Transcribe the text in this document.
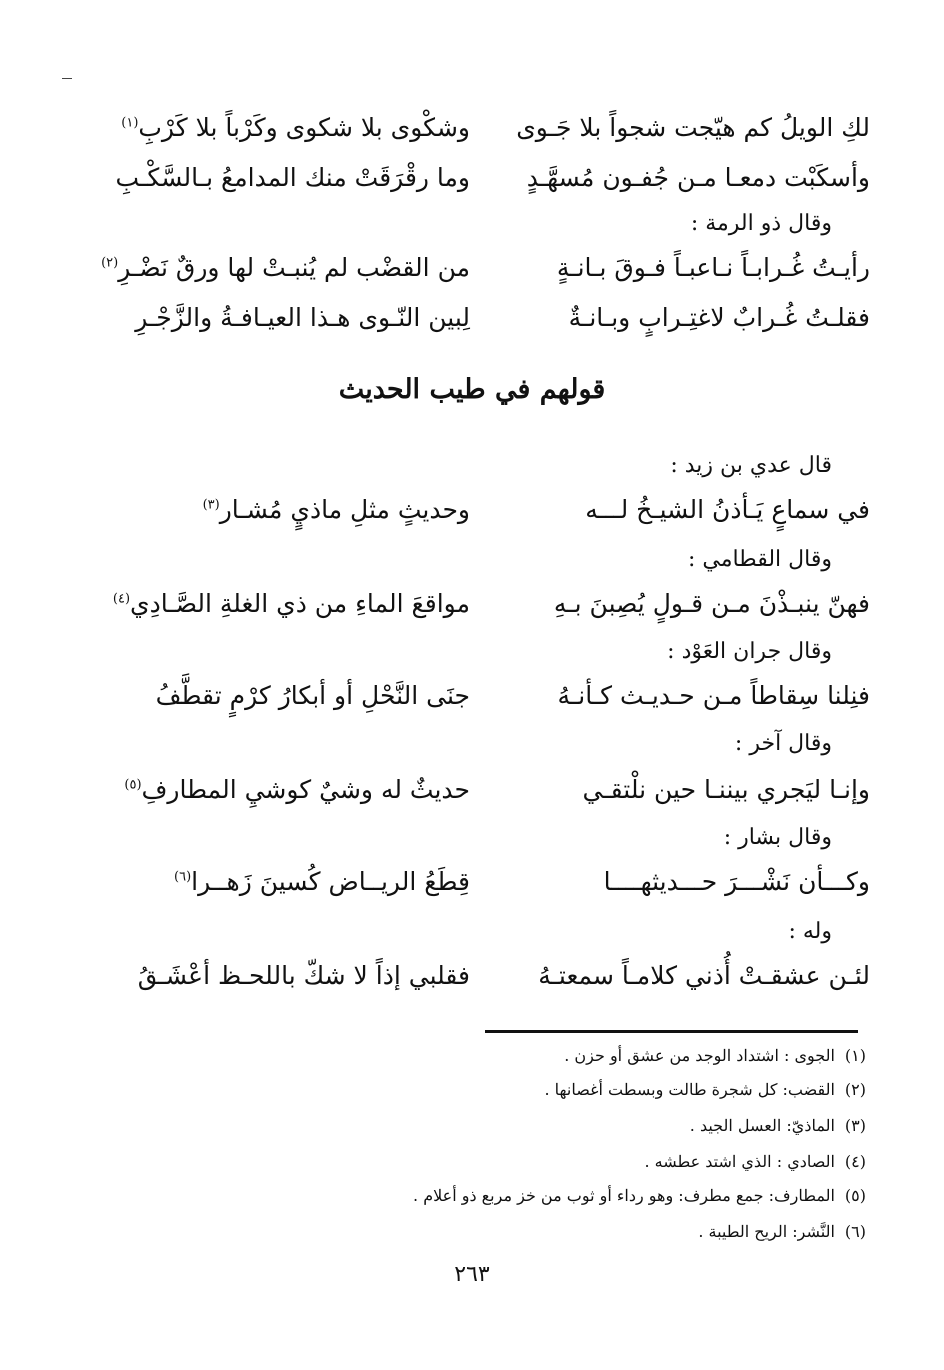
لكِ الويلُ كم هيّجت شجواً بلا جَـوى
وشكْوى بلا شكوى وكَرْباً بلا كَرْبِ$^{(١)}$
وأسكَبْت دمعـا مـن جُفـون مُسهَّـدٍ
وما رقْرَقَتْ منك المدامعُ بـالسَّكْـبِ
وقال ذو الرمة :
رأيـتُ غُـرابـاً نـاعبـاً فـوقَ بـانـةٍ
من القضْب لم يُنبـتْ لها ورقٌ نَضْـرِ$^{(٢)}$
فقلـتُ غُـرابٌ لاغتِـرابٍ وبـانـةٌ
لِبين النّـوى هـذا العيـافـةُ والزَّجْـرِ
قولهم في طيب الحديث
قال عدي بن زيد :
في سماعٍ يَـأذنُ الشيـخُ لـــه
وحديثٍ مثلِ ماذيٍ مُشـار$^{(٣)}$
وقال القطامي :
فهنّ ينبـذْنَ مـن قـولٍ يُصِبنَ بـهِ
مواقعَ الماءِ من ذي الغلةِ الصَّـادِي$^{(٤)}$
وقال جران العَوْد :
فنِلنا سِقاطاً مـن حـديـث كـأنـهُ
جنَى النَّحْلِ أو أبكارُ كرْمٍ تقطَّفُ
وقال آخر :
وإنـا ليَجري بيننـا حين نلْتقـي
حديثٌ له وشيٌ كوشيِ المطارفِ$^{(٥)}$
وقال بشار :
وكـــأن نَشْـــرَ حـــديثهــــا
قِطَعُ الريــاض كُسينَ زَهــرا$^{(٦)}$
وله :
لئـن عشقـتْ أُذني كلامـاً سمعتـهُ
فقلبي إذاً لا شكّ باللحـظ أعْشَـقُ
(١)الجوى : اشتداد الوجد من عشق أو حزن .
(٢)القضب: كل شجرة طالت وبسطت أغصانها .
(٣)الماذيّ: العسل الجيد .
(٤)الصادي : الذي اشتد عطشه .
(٥)المطارف: جمع مطرف: وهو رداء أو ثوب من خز مربع ذو أعلام .
(٦)النَّشر: الريح الطيبة .
٢٦٣
